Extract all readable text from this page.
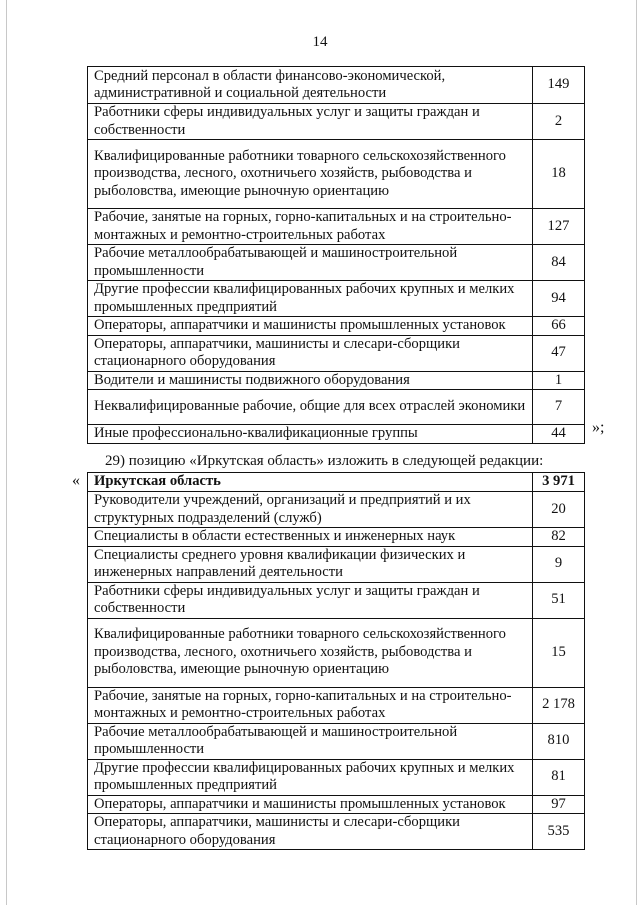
14
Средний персонал в области финансово-экономической, административной и социальной деятельности	149
Работники сферы индивидуальных услуг и защиты граждан и собственности	2
Квалифицированные работники товарного сельскохозяйственного производства, лесного, охотничьего хозяйств, рыбоводства и рыболовства, имеющие рыночную ориентацию	18
Рабочие, занятые на горных, горно-капитальных и на строительно-монтажных и ремонтно-строительных работах	127
Рабочие металлообрабатывающей и машиностроительной промышленности	84
Другие профессии квалифицированных рабочих крупных и мелких промышленных предприятий	94
Операторы, аппаратчики и машинисты промышленных установок	66
Операторы, аппаратчики, машинисты и слесари-сборщики стационарного оборудования	47
Водители и машинисты подвижного оборудования	1
Неквалифицированные рабочие, общие для всех отраслей экономики	7
Иные профессионально-квалификационные группы	44 »;
29) позицию «Иркутская область» изложить в следующей редакции:
« Иркутская область	3 971
Руководители учреждений, организаций и предприятий и их структурных подразделений (служб)	20
Специалисты в области естественных и инженерных наук	82
Специалисты среднего уровня квалификации физических и инженерных направлений деятельности	9
Работники сферы индивидуальных услуг и защиты граждан и собственности	51
Квалифицированные работники товарного сельскохозяйственного производства, лесного, охотничьего хозяйств, рыбоводства и рыболовства, имеющие рыночную ориентацию	15
Рабочие, занятые на горных, горно-капитальных и на строительно-монтажных и ремонтно-строительных работах	2 178
Рабочие металлообрабатывающей и машиностроительной промышленности	810
Другие профессии квалифицированных рабочих крупных и мелких промышленных предприятий	81
Операторы, аппаратчики и машинисты промышленных установок	97
Операторы, аппаратчики, машинисты и слесари-сборщики стационарного оборудования	535
